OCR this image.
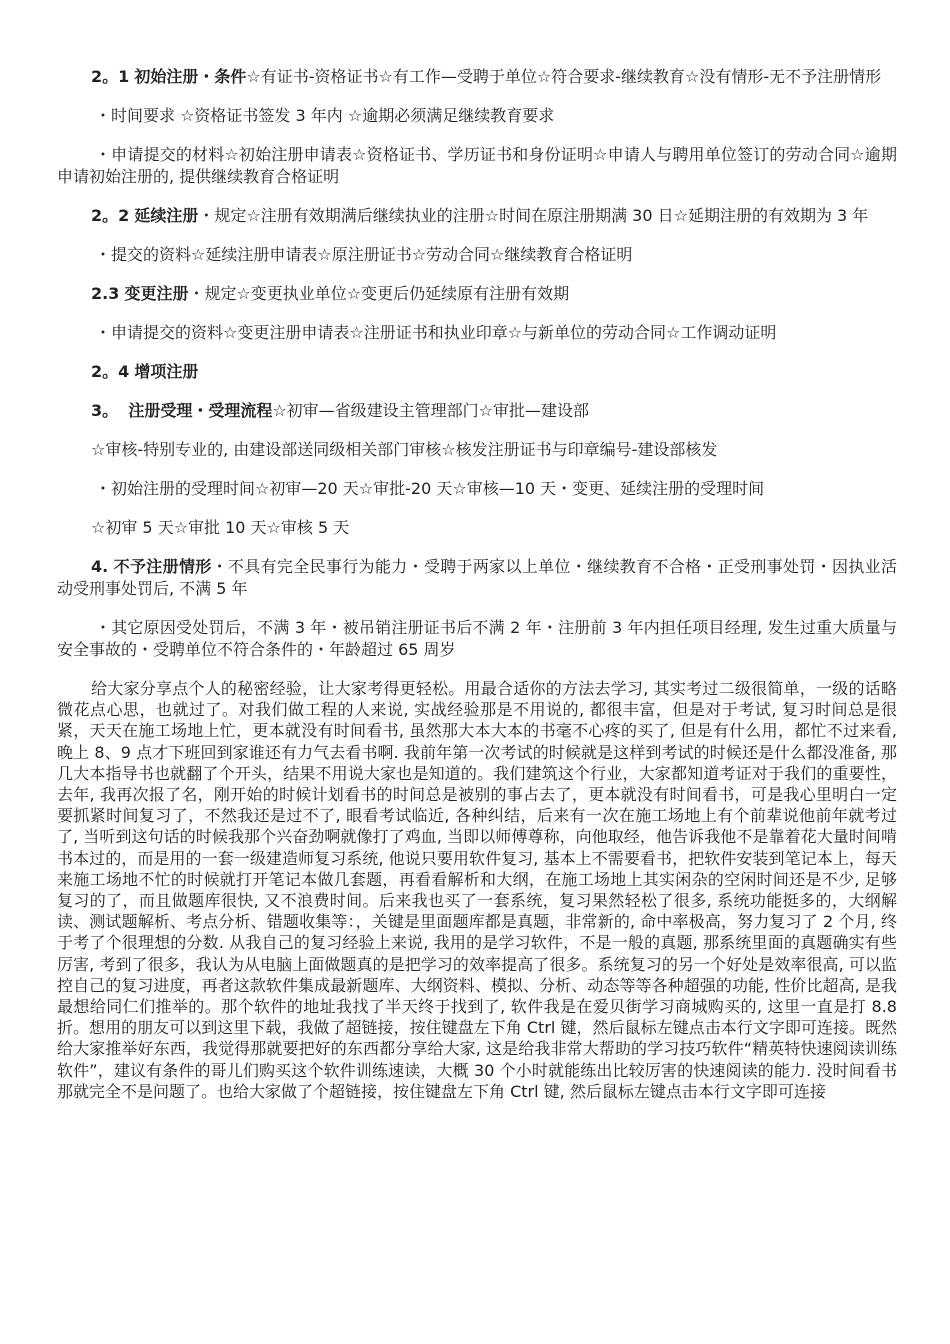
2。1 初始注册・条件☆有证书-资格证书☆有工作—受聘于单位☆符合要求-继续教育☆没有情形-无不予注册情形

・时间要求 ☆资格证书签发 3 年内 ☆逾期必须满足继续教育要求

・申请提交的材料☆初始注册申请表☆资格证书、学历证书和身份证明☆申请人与聘用单位签订的劳动合同☆逾期申请初始注册的, 提供继续教育合格证明

2。2 延续注册・规定☆注册有效期满后继续执业的注册☆时间在原注册期满 30 日☆延期注册的有效期为 3 年

・提交的资料☆延续注册申请表☆原注册证书☆劳动合同☆继续教育合格证明

2.3 变更注册・规定☆变更执业单位☆变更后仍延续原有注册有效期

・申请提交的资料☆变更注册申请表☆注册证书和执业印章☆与新单位的劳动合同☆工作调动证明

2。4 增项注册

3。 注册受理・受理流程☆初审—省级建设主管理部门☆审批—建设部

☆审核-特别专业的, 由建设部送同级相关部门审核☆核发注册证书与印章编号-建设部核发

・初始注册的受理时间☆初审—20 天☆审批-20 天☆审核—10 天・变更、延续注册的受理时间

☆初审 5 天☆审批 10 天☆审核 5 天

4. 不予注册情形・不具有完全民事行为能力・受聘于两家以上单位・继续教育不合格・正受刑事处罚・因执业活动受刑事处罚后, 不满 5 年

・其它原因受处罚后，不满 3 年・被吊销注册证书后不满 2 年・注册前 3 年内担任项目经理, 发生过重大质量与安全事故的・受聘单位不符合条件的・年龄超过 65 周岁

给大家分享点个人的秘密经验，让大家考得更轻松。用最合适你的方法去学习, 其实考过二级很简单，一级的话略微花点心思，也就过了。对我们做工程的人来说, 实战经验那是不用说的, 都很丰富，但是对于考试, 复习时间总是很紧，天天在施工场地上忙，更本就没有时间看书, 虽然那大本大本的书毫不心疼的买了, 但是有什么用，都忙不过来看, 晚上 8、9 点才下班回到家谁还有力气去看书啊. 我前年第一次考试的时候就是这样到考试的时候还是什么都没准备, 那几大本指导书也就翻了个开头，结果不用说大家也是知道的。我们建筑这个行业，大家都知道考证对于我们的重要性，去年, 我再次报了名，刚开始的时候计划看书的时间总是被别的事占去了，更本就没有时间看书，可是我心里明白一定要抓紧时间复习了，不然我还是过不了, 眼看考试临近, 各种纠结，后来有一次在施工场地上有个前辈说他前年就考过了, 当听到这句话的时候我那个兴奋劲啊就像打了鸡血, 当即以师傅尊称，向他取经，他告诉我他不是靠着花大量时间啃书本过的，而是用的一套一级建造师复习系统, 他说只要用软件复习, 基本上不需要看书，把软件安装到笔记本上，每天来施工场地不忙的时候就打开笔记本做几套题，再看看解析和大纲，在施工场地上其实闲杂的空闲时间还是不少, 足够复习的了，而且做题库很快, 又不浪费时间。后来我也买了一套系统，复习果然轻松了很多, 系统功能挺多的，大纲解读、测试题解析、考点分析、错题收集等：，关键是里面题库都是真题，非常新的, 命中率极高，努力复习了 2 个月, 终于考了个很理想的分数. 从我自己的复习经验上来说, 我用的是学习软件，不是一般的真题, 那系统里面的真题确实有些厉害, 考到了很多，我认为从电脑上面做题真的是把学习的效率提高了很多。系统复习的另一个好处是效率很高, 可以监控自己的复习进度，再者这款软件集成最新题库、大纲资料、模拟、分析、动态等等各种超强的功能, 性价比超高, 是我最想给同仁们推举的。那个软件的地址我找了半天终于找到了, 软件我是在爱贝街学习商城购买的, 这里一直是打 8.8 折。想用的朋友可以到这里下载，我做了超链接，按住键盘左下角 Ctrl 键，然后鼠标左键点击本行文字即可连接。既然给大家推举好东西，我觉得那就要把好的东西都分享给大家, 这是给我非常大帮助的学习技巧软件“精英特快速阅读训练软件”，建议有条件的哥儿们购买这个软件训练速读，大概 30 个小时就能练出比较厉害的快速阅读的能力. 没时间看书那就完全不是问题了。也给大家做了个超链接，按住键盘左下角 Ctrl 键, 然后鼠标左键点击本行文字即可连接
